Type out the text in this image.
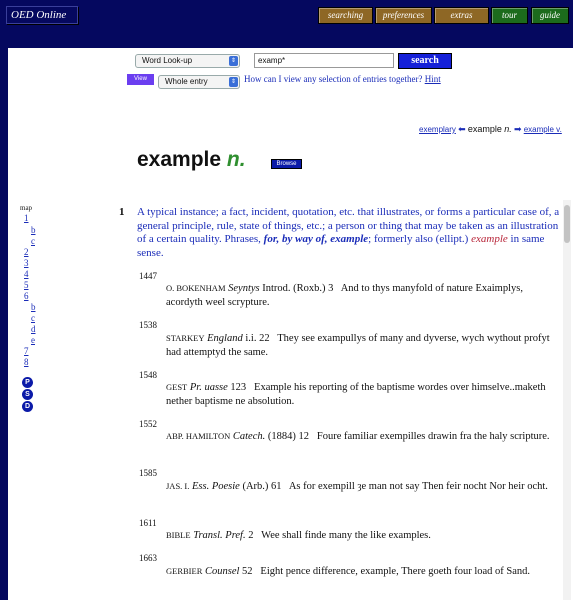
OED Online	searching	preferences	extras	tour	guide
Word Look-up	⇕	examp*	search
View	Whole entry	⇕ How can I view any selection of entries together? Hint
exemplary ⬅ example n. ➡ example v.
example n.	Browse
map
1
b
c
2
3
4
5
6
b
c
d
e
7
8
P
S
D
1 A typical instance; a fact, incident, quotation, etc. that illustrates, or forms a particular case of, a general principle, rule, state of things, etc.; a person or thing that may be taken as an illustration of a certain quality. Phrases, for, by way of, example; formerly also (ellipt.) example in same sense.
1447
O. BOKENHAM Seyntys Introd. (Roxb.) 3 And to thys manyfold of nature Exaimplys, acordyth weel scrypture.
1538
STARKEY England i.i. 22 They see exampullys of many and dyverse, wych wythout profyt had attemptyd the same.
1548
GEST Pr. uasse 123 Example his reporting of the baptisme wordes over himselve..maketh nether baptisme ne absolution.
1552
ABP. HAMILTON Catech. (1884) 12 Foure familiar exempilles drawin fra the haly scripture.
1585
JAS. I. Ess. Poesie (Arb.) 61 As for exempill ȝe man not say Then feir nocht Nor heir ocht.
1611
BIBLE Transl. Pref. 2 Wee shall finde many the like examples.
1663
GERBIER Counsel 52 Eight pence difference, example, There goeth four load of Sand.
